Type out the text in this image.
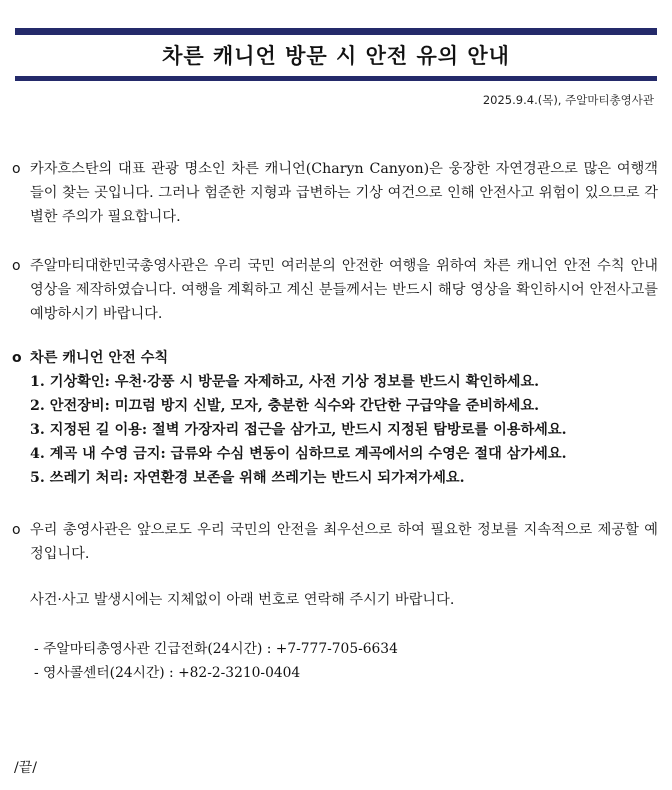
차른 캐니언 방문 시 안전 유의 안내
2025.9.4.(목), 주알마티총영사관
o 카자흐스탄의 대표 관광 명소인 차른 캐니언(Charyn Canyon)은 웅장한 자연경관으로 많은 여행객들이 찾는 곳입니다. 그러나 험준한 지형과 급변하는 기상 여건으로 인해 안전사고 위험이 있으므로 각별한 주의가 필요합니다.
o 주알마티대한민국총영사관은 우리 국민 여러분의 안전한 여행을 위하여 차른 캐니언 안전 수칙 안내 영상을 제작하였습니다. 여행을 계획하고 계신 분들께서는 반드시 해당 영상을 확인하시어 안전사고를 예방하시기 바랍니다.
o 차른 캐니언 안전 수칙
1. 기상확인: 우천·강풍 시 방문을 자제하고, 사전 기상 정보를 반드시 확인하세요.
2. 안전장비: 미끄럼 방지 신발, 모자, 충분한 식수와 간단한 구급약을 준비하세요.
3. 지정된 길 이용: 절벽 가장자리 접근을 삼가고, 반드시 지정된 탐방로를 이용하세요.
4. 계곡 내 수영 금지: 급류와 수심 변동이 심하므로 계곡에서의 수영은 절대 삼가세요.
5. 쓰레기 처리: 자연환경 보존을 위해 쓰레기는 반드시 되가져가세요.
o 우리 총영사관은 앞으로도 우리 국민의 안전을 최우선으로 하여 필요한 정보를 지속적으로 제공할 예정입니다.
사건·사고 발생시에는 지체없이 아래 번호로 연락해 주시기 바랍니다.
- 주알마티총영사관 긴급전화(24시간) : +7-777-705-6634
- 영사콜센터(24시간) : +82-2-3210-0404
/끝/
